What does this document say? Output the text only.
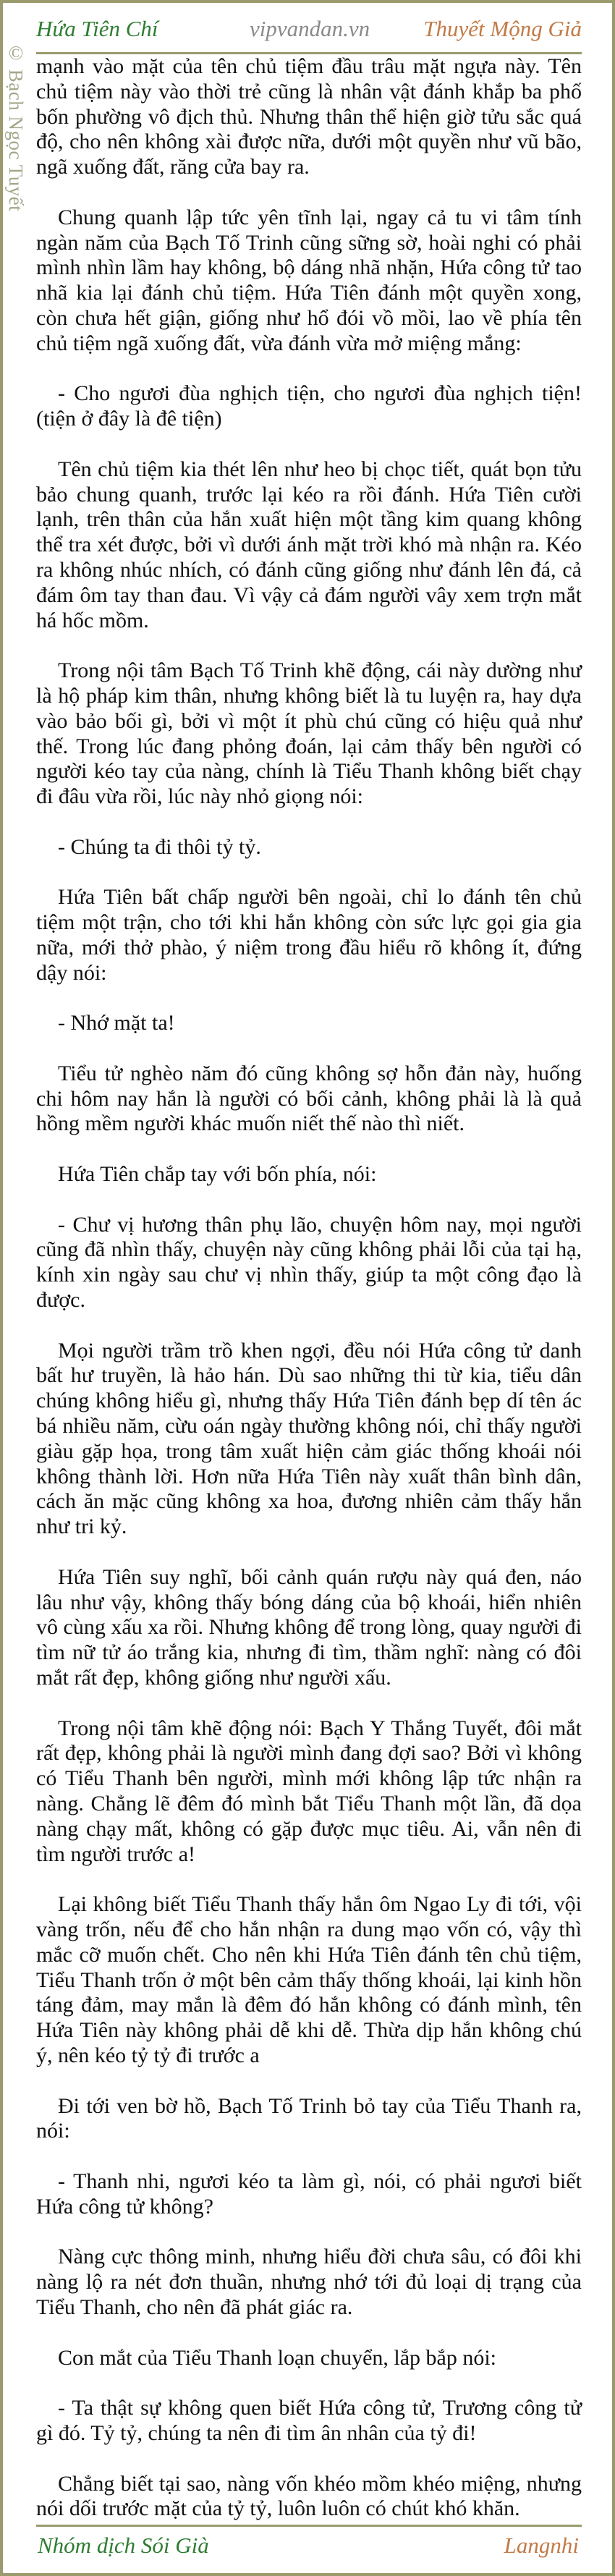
© Bạch Ngọc Tuyết
Hứa Tiên Chí	vipvandan.vn Thuyết Mộng Giả

mạnh vào mặt của tên chủ tiệm đầu trâu mặt ngựa này. Tên chủ tiệm này vào thời trẻ cũng là nhân vật đánh khắp ba phố bốn phường vô địch thủ. Nhưng thân thể hiện giờ tửu sắc quá độ, cho nên không xài được nữa, dưới một quyền như vũ bão, ngã xuống đất, răng cửa bay ra.

Chung quanh lập tức yên tĩnh lại, ngay cả tu vi tâm tính ngàn năm của Bạch Tố Trinh cũng sững sờ, hoài nghi có phải mình nhìn lầm hay không, bộ dáng nhã nhặn, Hứa công tử tao nhã kia lại đánh chủ tiệm. Hứa Tiên đánh một quyền xong, còn chưa hết giận, giống như hổ đói vồ mồi, lao về phía tên chủ tiệm ngã xuống đất, vừa đánh vừa mở miệng mắng:

- Cho ngươi đùa nghịch tiện, cho ngươi đùa nghịch tiện! (tiện ở đây là đê tiện)

Tên chủ tiệm kia thét lên như heo bị chọc tiết, quát bọn tửu bảo chung quanh, trước lại kéo ra rồi đánh. Hứa Tiên cười lạnh, trên thân của hắn xuất hiện một tầng kim quang không thể tra xét được, bởi vì dưới ánh mặt trời khó mà nhận ra. Kéo ra không nhúc nhích, có đánh cũng giống như đánh lên đá, cả đám ôm tay than đau. Vì vậy cả đám người vây xem trợn mắt há hốc mồm.

Trong nội tâm Bạch Tố Trinh khẽ động, cái này dường như là hộ pháp kim thân, nhưng không biết là tu luyện ra, hay dựa vào bảo bối gì, bởi vì một ít phù chú cũng có hiệu quả như thế. Trong lúc đang phỏng đoán, lại cảm thấy bên người có người kéo tay của nàng, chính là Tiểu Thanh không biết chạy đi đâu vừa rồi, lúc này nhỏ giọng nói:

- Chúng ta đi thôi tỷ tỷ.

Hứa Tiên bất chấp người bên ngoài, chỉ lo đánh tên chủ tiệm một trận, cho tới khi hắn không còn sức lực gọi gia gia nữa, mới thở phào, ý niệm trong đầu hiểu rõ không ít, đứng dậy nói:

- Nhớ mặt ta!

Tiểu tử nghèo năm đó cũng không sợ hỗn đản này, huống chi hôm nay hắn là người có bối cảnh, không phải là là quả hồng mềm người khác muốn niết thế nào thì niết.

Hứa Tiên chắp tay với bốn phía, nói:

- Chư vị hương thân phụ lão, chuyện hôm nay, mọi người cũng đã nhìn thấy, chuyện này cũng không phải lỗi của tại hạ, kính xin ngày sau chư vị nhìn thấy, giúp ta một công đạo là được.

Mọi người trầm trồ khen ngợi, đều nói Hứa công tử danh bất hư truyền, là hảo hán. Dù sao những thi từ kia, tiểu dân chúng không hiểu gì, nhưng thấy Hứa Tiên đánh bẹp dí tên ác bá nhiều năm, cừu oán ngày thường không nói, chỉ thấy người giàu gặp họa, trong tâm xuất hiện cảm giác thống khoái nói không thành lời. Hơn nữa Hứa Tiên này xuất thân bình dân, cách ăn mặc cũng không xa hoa, đương nhiên cảm thấy hắn như tri kỷ.

Hứa Tiên suy nghĩ, bối cảnh quán rượu này quá đen, náo lâu như vậy, không thấy bóng dáng của bộ khoái, hiển nhiên vô cùng xấu xa rồi. Nhưng không để trong lòng, quay người đi tìm nữ tử áo trắng kia, nhưng đi tìm, thầm nghĩ: nàng có đôi mắt rất đẹp, không giống như người xấu.

Trong nội tâm khẽ động nói: Bạch Y Thắng Tuyết, đôi mắt rất đẹp, không phải là người mình đang đợi sao? Bởi vì không có Tiểu Thanh bên người, mình mới không lập tức nhận ra nàng. Chẳng lẽ đêm đó mình bắt Tiểu Thanh một lần, đã dọa nàng chạy mất, không có gặp được mục tiêu. Ai, vẫn nên đi tìm người trước a!

Lại không biết Tiểu Thanh thấy hắn ôm Ngao Ly đi tới, vội vàng trốn, nếu để cho hắn nhận ra dung mạo vốn có, vậy thì mắc cỡ muốn chết. Cho nên khi Hứa Tiên đánh tên chủ tiệm, Tiểu Thanh trốn ở một bên cảm thấy thống khoái, lại kinh hồn táng đảm, may mắn là đêm đó hắn không có đánh mình, tên Hứa Tiên này không phải dễ khi dễ. Thừa dịp hắn không chú ý, nên kéo tỷ tỷ đi trước a

Đi tới ven bờ hồ, Bạch Tố Trinh bỏ tay của Tiểu Thanh ra, nói:

- Thanh nhi, ngươi kéo ta làm gì, nói, có phải ngươi biết Hứa công tử không?

Nàng cực thông minh, nhưng hiểu đời chưa sâu, có đôi khi nàng lộ ra nét đơn thuần, nhưng nhớ tới đủ loại dị trạng của Tiểu Thanh, cho nên đã phát giác ra.

Con mắt của Tiểu Thanh loạn chuyển, lắp bắp nói:

- Ta thật sự không quen biết Hứa công tử, Trương công tử gì đó. Tỷ tỷ, chúng ta nên đi tìm ân nhân của tỷ đi!

Chẳng biết tại sao, nàng vốn khéo mồm khéo miệng, nhưng nói dối trước mặt của tỷ tỷ, luôn luôn có chút khó khăn.

Nhóm dịch Sói Già	Langnhi
